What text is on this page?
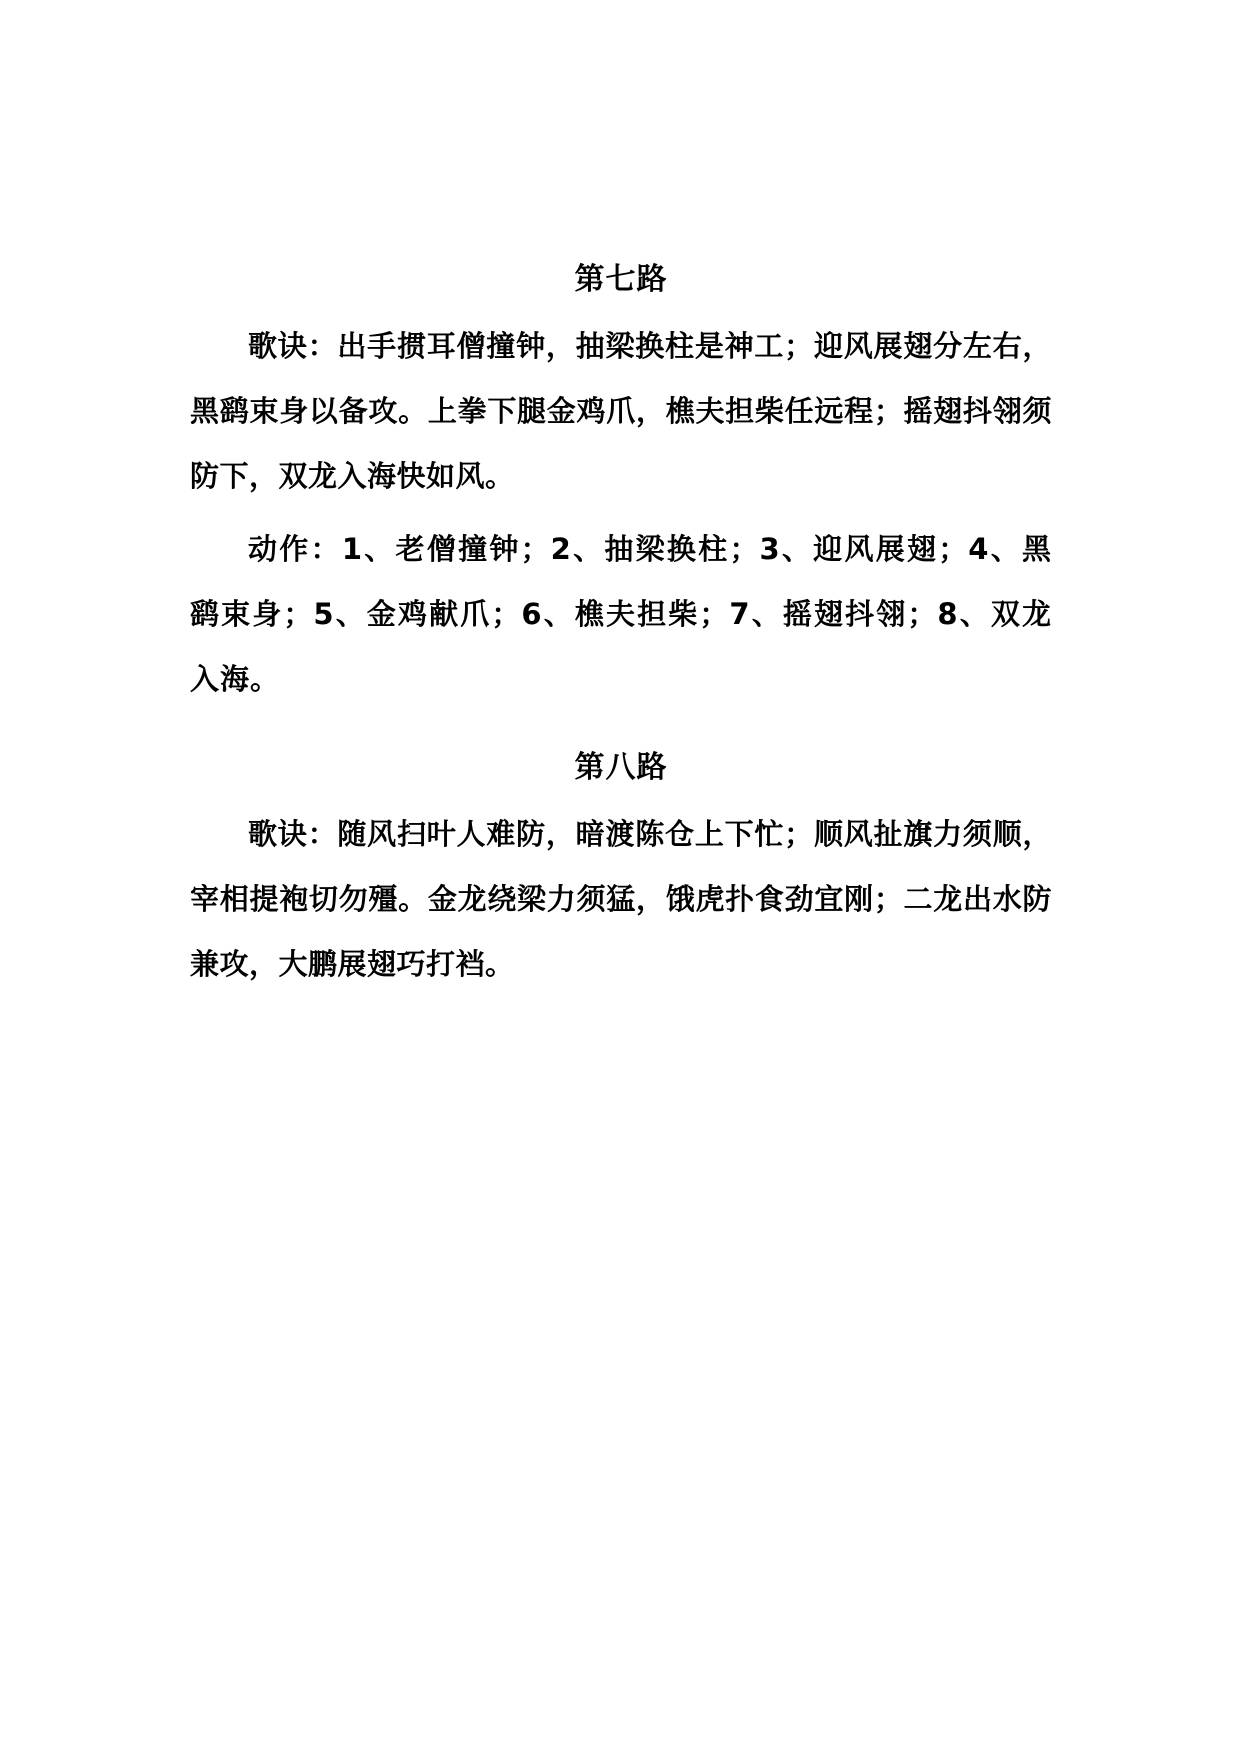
第七路

歌诀：出手掼耳僧撞钟，抽梁换柱是神工；迎风展翅分左右，黑鹞束身以备攻。上拳下腿金鸡爪，樵夫担柴任远程；摇翅抖翎须防下，双龙入海快如风。

动作：1、老僧撞钟；2、抽梁换柱；3、迎风展翅；4、黑鹞束身；5、金鸡献爪；6、樵夫担柴；7、摇翅抖翎；8、双龙入海。

第八路

歌诀：随风扫叶人难防，暗渡陈仓上下忙；顺风扯旗力须顺，宰相提袍切勿殭。金龙绕梁力须猛，饿虎扑食劲宜刚；二龙出水防兼攻，大鹏展翅巧打裆。
